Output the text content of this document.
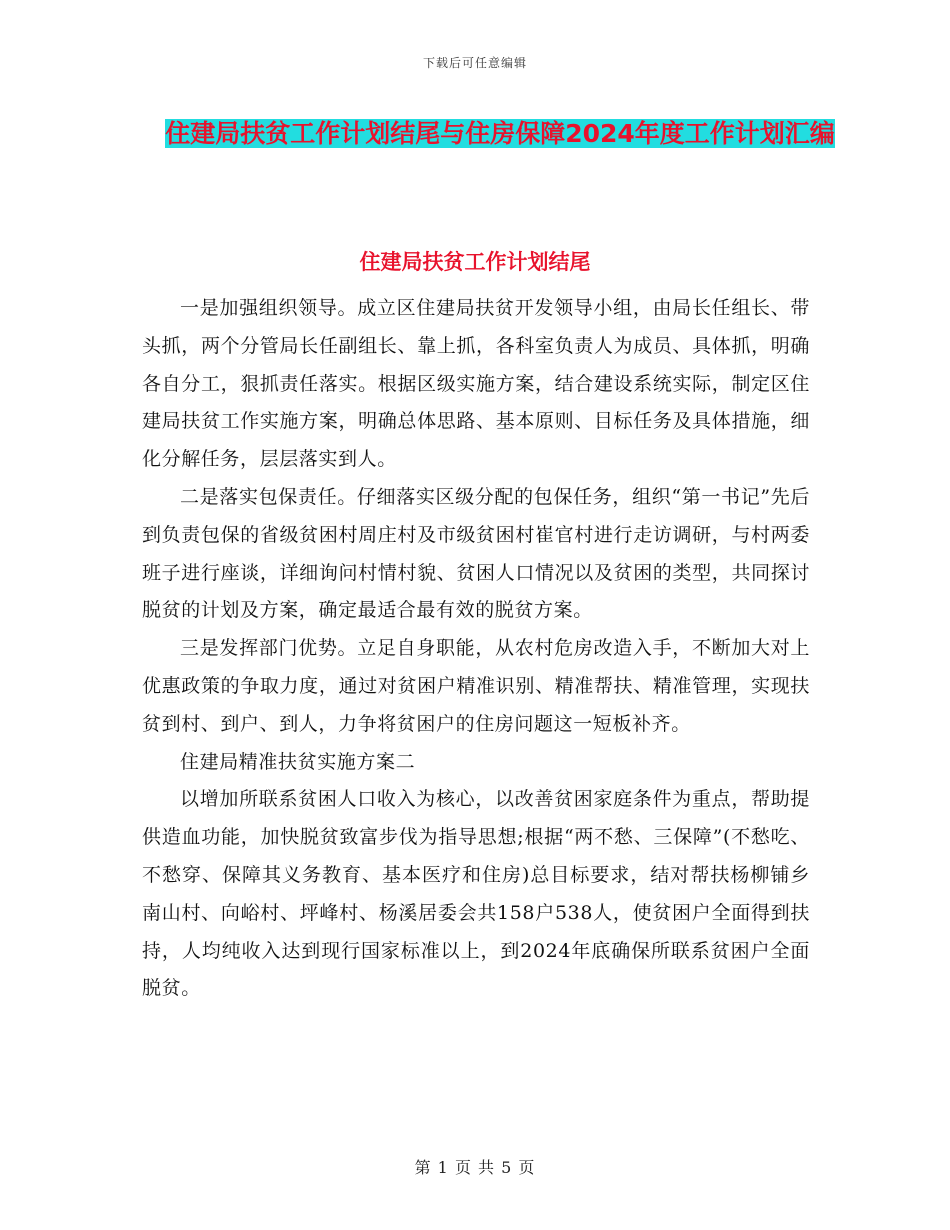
下载后可任意编辑
住建局扶贫工作计划结尾与住房保障2024年度工作计划汇编
住建局扶贫工作计划结尾

一是加强组织领导。成立区住建局扶贫开发领导小组，由局长任组长、带头抓，两个分管局长任副组长、靠上抓，各科室负责人为成员、具体抓，明确各自分工，狠抓责任落实。根据区级实施方案，结合建设系统实际，制定区住建局扶贫工作实施方案，明确总体思路、基本原则、目标任务及具体措施，细化分解任务，层层落实到人。

二是落实包保责任。仔细落实区级分配的包保任务，组织“第一书记”先后到负责包保的省级贫困村周庄村及市级贫困村崔官村进行走访调研，与村两委班子进行座谈，详细询问村情村貌、贫困人口情况以及贫困的类型，共同探讨脱贫的计划及方案，确定最适合最有效的脱贫方案。

三是发挥部门优势。立足自身职能，从农村危房改造入手，不断加大对上优惠政策的争取力度，通过对贫困户精准识别、精准帮扶、精准管理，实现扶贫到村、到户、到人，力争将贫困户的住房问题这一短板补齐。

住建局精准扶贫实施方案二

以增加所联系贫困人口收入为核心，以改善贫困家庭条件为重点，帮助提供造血功能，加快脱贫致富步伐为指导思想;根据“两不愁、三保障”(不愁吃、不愁穿、保障其义务教育、基本医疗和住房)总目标要求，结对帮扶杨柳铺乡南山村、向峪村、坪峰村、杨溪居委会共158户538人，使贫困户全面得到扶持，人均纯收入达到现行国家标准以上，到2024年底确保所联系贫困户全面脱贫。

第 1 页 共 5 页
